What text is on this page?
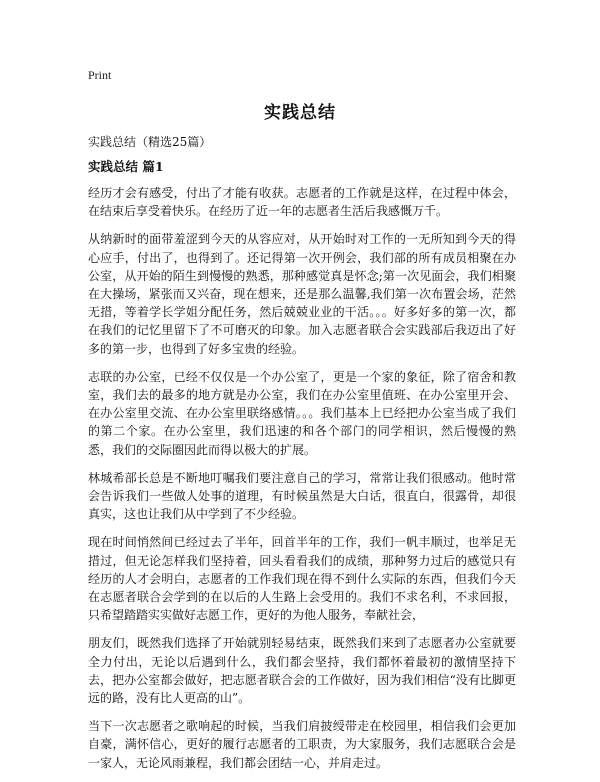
Print
实践总结
实践总结（精选25篇）
实践总结 篇1

经历才会有感受，付出了才能有收获。志愿者的工作就是这样，在过程中体会，在结束后享受着快乐。在经历了近一年的志愿者生活后我感慨万千。

从纳新时的面带羞涩到今天的从容应对，从开始时对工作的一无所知到今天的得心应手，付出了，也得到了。还记得第一次开例会，我们部的所有成员相聚在办公室，从开始的陌生到慢慢的熟悉，那种感觉真是怀念;第一次见面会，我们相聚在大操场，紧张而又兴奋，现在想来，还是那么温馨,我们第一次布置会场，茫然无措，等着学长学姐分配任务，然后兢兢业业的干活。。。好多好多的第一次，都在我们的记忆里留下了不可磨灭的印象。加入志愿者联合会实践部后我迈出了好多的第一步，也得到了好多宝贵的经验。

志联的办公室，已经不仅仅是一个办公室了，更是一个家的象征，除了宿舍和教室，我们去的最多的地方就是办公室，我们在办公室里值班、在办公室里开会、在办公室里交流、在办公室里联络感情。。。我们基本上已经把办公室当成了我们的第二个家。在办公室里，我们迅速的和各个部门的同学相识，然后慢慢的熟悉，我们的交际圈因此而得以极大的扩展。

林城希部长总是不断地叮嘱我们要注意自己的学习，常常让我们很感动。他时常会告诉我们一些做人处事的道理，有时候虽然是大白话，很直白，很露骨，却很真实，这也让我们从中学到了不少经验。

现在时间悄然间已经过去了半年，回首半年的工作，我们一帆丰顺过，也举足无措过，但无论怎样我们坚持着，回头看看我们的成绩，那种努力过后的感觉只有经历的人才会明白，志愿者的工作我们现在得不到什么实际的东西，但我们今天在志愿者联合会学到的在以后的人生路上会受用的。我们不求名利，不求回报，只希望踏踏实实做好志愿工作，更好的为他人服务，奉献社会，

朋友们，既然我们选择了开始就别轻易结束，既然我们来到了志愿者办公室就要全力付出，无论以后遇到什么，我们都会坚持，我们都怀着最初的激情坚持下去，把办公室都会做好，把志愿者联合会的工作做好，因为我们相信“没有比脚更远的路，没有比人更高的山”。

当下一次志愿者之歌响起的时候，当我们肩披绶带走在校园里，相信我们会更加自豪，满怀信心，更好的履行志愿者的工职责，为大家服务，我们志愿联合会是一家人，无论风雨兼程，我们都会团结一心，并肩走过。
